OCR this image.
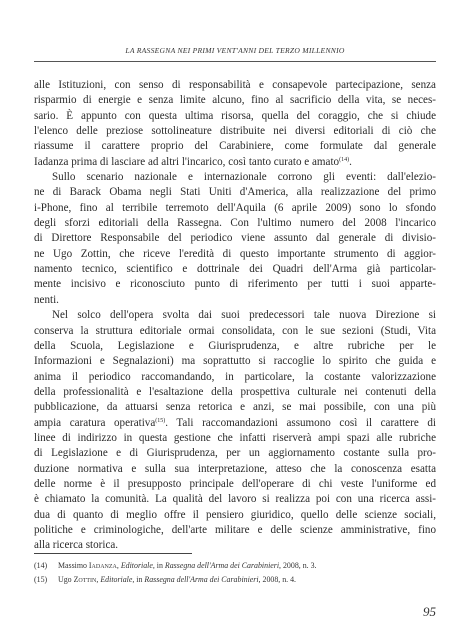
LA RASSEGNA NEI PRIMI VENT'ANNI DEL TERZO MILLENNIO
alle Istituzioni, con senso di responsabilità e consapevole partecipazione, senza
risparmio di energie e senza limite alcuno, fino al sacrificio della vita, se neces-
sario. È appunto con questa ultima risorsa, quella del coraggio, che si chiude
l'elenco delle preziose sottolineature distribuite nei diversi editoriali di ciò che
riassume il carattere proprio del Carabiniere, come formulate dal generale
Iadanza prima di lasciare ad altri l'incarico, così tanto curato e amato$^{(14)}$.
Sullo scenario nazionale e internazionale corrono gli eventi: dall'elezio-
ne di Barack Obama negli Stati Uniti d'America, alla realizzazione del primo
i-Phone, fino al terribile terremoto dell'Aquila (6 aprile 2009) sono lo sfondo
degli sforzi editoriali della Rassegna. Con l'ultimo numero del 2008 l'incarico
di Direttore Responsabile del periodico viene assunto dal generale di divisio-
ne Ugo Zottin, che riceve l'eredità di questo importante strumento di aggior-
namento tecnico, scientifico e dottrinale dei Quadri dell'Arma già particolar-
mente incisivo e riconosciuto punto di riferimento per tutti i suoi apparte-
nenti.
Nel solco dell'opera svolta dai suoi predecessori tale nuova Direzione si
conserva la struttura editoriale ormai consolidata, con le sue sezioni (Studi, Vita
della Scuola, Legislazione e Giurisprudenza, e altre rubriche per le
Informazioni e Segnalazioni) ma soprattutto si raccoglie lo spirito che guida e
anima il periodico raccomandando, in particolare, la costante valorizzazione
della professionalità e l'esaltazione della prospettiva culturale nei contenuti della
pubblicazione, da attuarsi senza retorica e anzi, se mai possibile, con una più
ampia caratura operativa$^{(15)}$. Tali raccomandazioni assumono così il carattere di
linee di indirizzo in questa gestione che infatti riserverà ampi spazi alle rubriche
di Legislazione e di Giurisprudenza, per un aggiornamento costante sulla pro-
duzione normativa e sulla sua interpretazione, atteso che la conoscenza esatta
delle norme è il presupposto principale dell'operare di chi veste l'uniforme ed
è chiamato la comunità. La qualità del lavoro si realizza poi con una ricerca assi-
dua di quanto di meglio offre il pensiero giuridico, quello delle scienze sociali,
politiche e criminologiche, dell'arte militare e delle scienze amministrative, fino
alla ricerca storica.
(14) Massimo Iadanza, Editoriale, in Rassegna dell'Arma dei Carabinieri, 2008, n. 3.
(15) Ugo Zottin, Editoriale, in Rassegna dell'Arma dei Carabinieri, 2008, n. 4.
95
